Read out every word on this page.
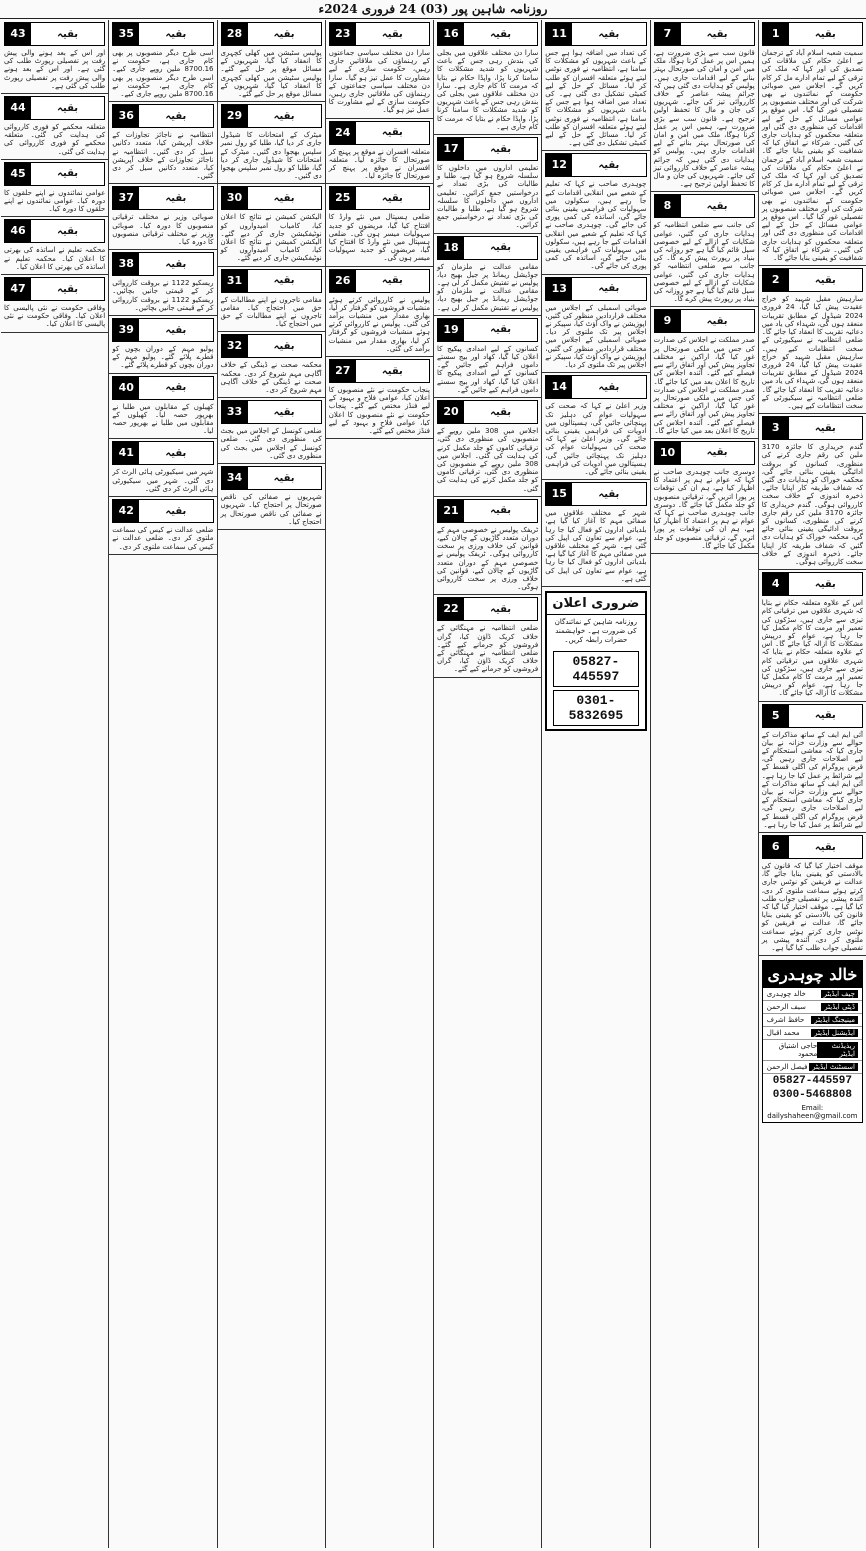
روزنامہ شاہین پور (03) 24 فروری 2024ء
بقیہ
1
سمیت شعبہ اسلام آباد کے ترجمان نے اعلیٰ حکام کی ملاقات کی تصدیق کی اور کہا کہ ملک کی ترقی کے لیے تمام ادارے مل کر کام کریں گے۔ اجلاس میں صوبائی حکومت کے نمائندوں نے بھی شرکت کی اور مختلف منصوبوں پر تفصیلی غور کیا گیا۔ اس موقع پر عوامی مسائل کے حل کے لیے اقدامات کی منظوری دی گئی اور متعلقہ محکموں کو ہدایات جاری کی گئیں۔ شرکاء نے اتفاق کیا کہ شفافیت کو یقینی بنایا جائے گا۔ سمیت شعبہ اسلام آباد کے ترجمان نے اعلیٰ حکام کی ملاقات کی تصدیق کی اور کہا کہ ملک کی ترقی کے لیے تمام ادارے مل کر کام کریں گے۔ اجلاس میں صوبائی حکومت کے نمائندوں نے بھی شرکت کی اور مختلف منصوبوں پر تفصیلی غور کیا گیا۔ اس موقع پر عوامی مسائل کے حل کے لیے اقدامات کی منظوری دی گئی اور متعلقہ محکموں کو ہدایات جاری کی گئیں۔ شرکاء نے اتفاق کیا کہ شفافیت کو یقینی بنایا جائے گا۔
بقیہ
2
سارہیش مقبل شہید کو خراج عقیدت پیش کیا گیا، 24 فروری 2024 شیڈول کے مطابق تقریبات منعقد ہوں گی، شہداء کی یاد میں دعائیہ تقریب کا انعقاد کیا جائے گا۔ ضلعی انتظامیہ نے سیکیورٹی کے سخت انتظامات کیے ہیں۔ سارہیش مقبل شہید کو خراج عقیدت پیش کیا گیا، 24 فروری 2024 شیڈول کے مطابق تقریبات منعقد ہوں گی، شہداء کی یاد میں دعائیہ تقریب کا انعقاد کیا جائے گا۔ ضلعی انتظامیہ نے سیکیورٹی کے سخت انتظامات کیے ہیں۔
بقیہ
3
گندم خریداری کا جائزہ 3170 ملین کی رقم جاری کرنے کی منظوری، کسانوں کو بروقت ادائیگی یقینی بنائی جائے گی، محکمہ خوراک کو ہدایات دی گئیں کہ شفاف طریقہ کار اپنایا جائے۔ ذخیرہ اندوزی کے خلاف سخت کارروائی ہوگی۔ گندم خریداری کا جائزہ 3170 ملین کی رقم جاری کرنے کی منظوری، کسانوں کو بروقت ادائیگی یقینی بنائی جائے گی، محکمہ خوراک کو ہدایات دی گئیں کہ شفاف طریقہ کار اپنایا جائے۔ ذخیرہ اندوزی کے خلاف سخت کارروائی ہوگی۔
بقیہ
4
اس کے علاوہ متعلقہ حکام نے بتایا کہ شہری علاقوں میں ترقیاتی کام تیزی سے جاری ہیں، سڑکوں کی تعمیر اور مرمت کا کام مکمل کیا جا رہا ہے، عوام کو درپیش مشکلات کا ازالہ کیا جائے گا۔ اس کے علاوہ متعلقہ حکام نے بتایا کہ شہری علاقوں میں ترقیاتی کام تیزی سے جاری ہیں، سڑکوں کی تعمیر اور مرمت کا کام مکمل کیا جا رہا ہے، عوام کو درپیش مشکلات کا ازالہ کیا جائے گا۔
بقیہ
5
آئی ایم ایف کے ساتھ مذاکرات کے حوالے سے وزارت خزانہ نے بیان جاری کیا کہ معاشی استحکام کے لیے اصلاحات جاری رہیں گی، قرض پروگرام کی اگلی قسط کے لیے شرائط پر عمل کیا جا رہا ہے۔ آئی ایم ایف کے ساتھ مذاکرات کے حوالے سے وزارت خزانہ نے بیان جاری کیا کہ معاشی استحکام کے لیے اصلاحات جاری رہیں گی، قرض پروگرام کی اگلی قسط کے لیے شرائط پر عمل کیا جا رہا ہے۔
بقیہ
6
موقف اختیار کیا گیا کہ قانون کی بالادستی کو یقینی بنایا جائے گا، عدالت نے فریقین کو نوٹس جاری کرتے ہوئے سماعت ملتوی کر دی، آئندہ پیشی پر تفصیلی جواب طلب کیا گیا ہے۔ موقف اختیار کیا گیا کہ قانون کی بالادستی کو یقینی بنایا جائے گا، عدالت نے فریقین کو نوٹس جاری کرتے ہوئے سماعت ملتوی کر دی، آئندہ پیشی پر تفصیلی جواب طلب کیا گیا ہے۔
خالد چوہدری
چیف ایڈیٹر
خالد چوہدری
ڈپٹی ایڈیٹر
سیف الرحمن
مینیجنگ ایڈیٹر
حافظ اشرف
ایڈیشنل ایڈیٹر
محمد اقبال
ریذیڈنٹ ایڈیٹر
حاجی اشتیاق محمود
اسسٹنٹ ایڈیٹر
فیصل الرحمن
05827-445597
0300-5468808
Email: dailyshaheen@gmail.com
بقیہ
7
قانون سب سے بڑی ضرورت ہے، ہمیں اس پر عمل کرنا ہوگا، ملک میں امن و امان کی صورتحال بہتر بنانے کے لیے اقدامات جاری ہیں۔ پولیس کو ہدایات دی گئی ہیں کہ جرائم پیشہ عناصر کے خلاف کارروائی تیز کی جائے۔ شہریوں کی جان و مال کا تحفظ اولین ترجیح ہے۔ قانون سب سے بڑی ضرورت ہے، ہمیں اس پر عمل کرنا ہوگا، ملک میں امن و امان کی صورتحال بہتر بنانے کے لیے اقدامات جاری ہیں۔ پولیس کو ہدایات دی گئی ہیں کہ جرائم پیشہ عناصر کے خلاف کارروائی تیز کی جائے۔ شہریوں کی جان و مال کا تحفظ اولین ترجیح ہے۔
بقیہ
8
کی جانب سے ضلعی انتظامیہ کو ہدایات جاری کی گئیں، عوامی شکایات کے ازالے کے لیے خصوصی سیل قائم کیا گیا ہے جو روزانہ کی بنیاد پر رپورٹ پیش کرے گا۔ کی جانب سے ضلعی انتظامیہ کو ہدایات جاری کی گئیں، عوامی شکایات کے ازالے کے لیے خصوصی سیل قائم کیا گیا ہے جو روزانہ کی بنیاد پر رپورٹ پیش کرے گا۔
بقیہ
9
صدر مملکت نے اجلاس کی صدارت کی جس میں ملکی صورتحال پر غور کیا گیا، اراکین نے مختلف تجاویز پیش کیں اور اتفاق رائے سے فیصلے کیے گئے۔ آئندہ اجلاس کی تاریخ کا اعلان بعد میں کیا جائے گا۔ صدر مملکت نے اجلاس کی صدارت کی جس میں ملکی صورتحال پر غور کیا گیا، اراکین نے مختلف تجاویز پیش کیں اور اتفاق رائے سے فیصلے کیے گئے۔ آئندہ اجلاس کی تاریخ کا اعلان بعد میں کیا جائے گا۔
بقیہ
10
دوسری جانب چوہدری صاحب نے کہا کہ عوام نے ہم پر اعتماد کا اظہار کیا ہے، ہم ان کی توقعات پر پورا اتریں گے، ترقیاتی منصوبوں کو جلد مکمل کیا جائے گا۔ دوسری جانب چوہدری صاحب نے کہا کہ عوام نے ہم پر اعتماد کا اظہار کیا ہے، ہم ان کی توقعات پر پورا اتریں گے، ترقیاتی منصوبوں کو جلد مکمل کیا جائے گا۔
بقیہ
11
کی تعداد میں اضافہ ہوا ہے جس کے باعث شہریوں کو مشکلات کا سامنا ہے، انتظامیہ نے فوری نوٹس لیتے ہوئے متعلقہ افسران کو طلب کر لیا۔ مسائل کے حل کے لیے کمیٹی تشکیل دی گئی ہے۔ کی تعداد میں اضافہ ہوا ہے جس کے باعث شہریوں کو مشکلات کا سامنا ہے، انتظامیہ نے فوری نوٹس لیتے ہوئے متعلقہ افسران کو طلب کر لیا۔ مسائل کے حل کے لیے کمیٹی تشکیل دی گئی ہے۔
بقیہ
12
چوہدری صاحب نے کہا کہ تعلیم کے شعبے میں انقلابی اقدامات کیے جا رہے ہیں، سکولوں میں سہولیات کی فراہمی یقینی بنائی جائے گی، اساتذہ کی کمی پوری کی جائے گی۔ چوہدری صاحب نے کہا کہ تعلیم کے شعبے میں انقلابی اقدامات کیے جا رہے ہیں، سکولوں میں سہولیات کی فراہمی یقینی بنائی جائے گی، اساتذہ کی کمی پوری کی جائے گی۔
بقیہ
13
صوبائی اسمبلی کے اجلاس میں مختلف قراردادیں منظور کی گئیں، اپوزیشن نے واک آؤٹ کیا، سپیکر نے اجلاس پیر تک ملتوی کر دیا۔ صوبائی اسمبلی کے اجلاس میں مختلف قراردادیں منظور کی گئیں، اپوزیشن نے واک آؤٹ کیا، سپیکر نے اجلاس پیر تک ملتوی کر دیا۔
بقیہ
14
وزیر اعلیٰ نے کہا کہ صحت کی سہولیات عوام کی دہلیز تک پہنچائی جائیں گی، ہسپتالوں میں ادویات کی فراہمی یقینی بنائی جائے گی۔ وزیر اعلیٰ نے کہا کہ صحت کی سہولیات عوام کی دہلیز تک پہنچائی جائیں گی، ہسپتالوں میں ادویات کی فراہمی یقینی بنائی جائے گی۔
بقیہ
15
شہر کے مختلف علاقوں میں صفائی مہم کا آغاز کیا گیا ہے، بلدیاتی اداروں کو فعال کیا جا رہا ہے، عوام سے تعاون کی اپیل کی گئی ہے۔ شہر کے مختلف علاقوں میں صفائی مہم کا آغاز کیا گیا ہے، بلدیاتی اداروں کو فعال کیا جا رہا ہے، عوام سے تعاون کی اپیل کی گئی ہے۔
ضروری اعلان
روزنامہ شاہین کے نمائندگان کی ضرورت ہے۔ خواہشمند حضرات رابطہ کریں۔
05827-445597
0301-5832695
بقیہ
16
سارا دن مختلف علاقوں میں بجلی کی بندش رہی جس کے باعث شہریوں کو شدید مشکلات کا سامنا کرنا پڑا، واپڈا حکام نے بتایا کہ مرمت کا کام جاری ہے۔ سارا دن مختلف علاقوں میں بجلی کی بندش رہی جس کے باعث شہریوں کو شدید مشکلات کا سامنا کرنا پڑا، واپڈا حکام نے بتایا کہ مرمت کا کام جاری ہے۔
بقیہ
17
تعلیمی اداروں میں داخلوں کا سلسلہ شروع ہو گیا ہے، طلبا و طالبات کی بڑی تعداد نے درخواستیں جمع کرائیں۔ تعلیمی اداروں میں داخلوں کا سلسلہ شروع ہو گیا ہے، طلبا و طالبات کی بڑی تعداد نے درخواستیں جمع کرائیں۔
بقیہ
18
مقامی عدالت نے ملزمان کو جوڈیشل ریمانڈ پر جیل بھیج دیا، پولیس نے تفتیش مکمل کر لی ہے۔ مقامی عدالت نے ملزمان کو جوڈیشل ریمانڈ پر جیل بھیج دیا، پولیس نے تفتیش مکمل کر لی ہے۔
بقیہ
19
کسانوں کے لیے امدادی پیکیج کا اعلان کیا گیا، کھاد اور بیج سستے داموں فراہم کیے جائیں گے۔ کسانوں کے لیے امدادی پیکیج کا اعلان کیا گیا، کھاد اور بیج سستے داموں فراہم کیے جائیں گے۔
بقیہ
20
اجلاس میں 308 ملین روپے کے منصوبوں کی منظوری دی گئی، ترقیاتی کاموں کو جلد مکمل کرنے کی ہدایت کی گئی۔ اجلاس میں 308 ملین روپے کے منصوبوں کی منظوری دی گئی، ترقیاتی کاموں کو جلد مکمل کرنے کی ہدایت کی گئی۔
بقیہ
21
ٹریفک پولیس نے خصوصی مہم کے دوران متعدد گاڑیوں کے چالان کیے، قوانین کی خلاف ورزی پر سخت کارروائی ہوگی۔ ٹریفک پولیس نے خصوصی مہم کے دوران متعدد گاڑیوں کے چالان کیے، قوانین کی خلاف ورزی پر سخت کارروائی ہوگی۔
بقیہ
22
ضلعی انتظامیہ نے مہنگائی کے خلاف کریک ڈاؤن کیا، گراں فروشوں کو جرمانے کیے گئے۔ ضلعی انتظامیہ نے مہنگائی کے خلاف کریک ڈاؤن کیا، گراں فروشوں کو جرمانے کیے گئے۔
بقیہ
23
سارا دن مختلف سیاسی جماعتوں کے رہنماؤں کی ملاقاتیں جاری رہیں، حکومت سازی کے لیے مشاورت کا عمل تیز ہو گیا۔ سارا دن مختلف سیاسی جماعتوں کے رہنماؤں کی ملاقاتیں جاری رہیں، حکومت سازی کے لیے مشاورت کا عمل تیز ہو گیا۔
بقیہ
24
متعلقہ افسران نے موقع پر پہنچ کر صورتحال کا جائزہ لیا۔ متعلقہ افسران نے موقع پر پہنچ کر صورتحال کا جائزہ لیا۔
بقیہ
25
ضلعی ہسپتال میں نئے وارڈ کا افتتاح کیا گیا، مریضوں کو جدید سہولیات میسر ہوں گی۔ ضلعی ہسپتال میں نئے وارڈ کا افتتاح کیا گیا، مریضوں کو جدید سہولیات میسر ہوں گی۔
بقیہ
26
پولیس نے کارروائی کرتے ہوئے منشیات فروشوں کو گرفتار کر لیا، بھاری مقدار میں منشیات برآمد کی گئی۔ پولیس نے کارروائی کرتے ہوئے منشیات فروشوں کو گرفتار کر لیا، بھاری مقدار میں منشیات برآمد کی گئی۔
بقیہ
27
پنجاب حکومت نے نئے منصوبوں کا اعلان کیا، عوامی فلاح و بہبود کے لیے فنڈز مختص کیے گئے۔ پنجاب حکومت نے نئے منصوبوں کا اعلان کیا، عوامی فلاح و بہبود کے لیے فنڈز مختص کیے گئے۔
بقیہ
28
پولیس سٹیشن میں کھلی کچہری کا انعقاد کیا گیا، شہریوں کے مسائل موقع پر حل کیے گئے۔ پولیس سٹیشن میں کھلی کچہری کا انعقاد کیا گیا، شہریوں کے مسائل موقع پر حل کیے گئے۔
بقیہ
29
میٹرک کے امتحانات کا شیڈول جاری کر دیا گیا، طلبا کو رول نمبر سلپس بھجوا دی گئیں۔ میٹرک کے امتحانات کا شیڈول جاری کر دیا گیا، طلبا کو رول نمبر سلپس بھجوا دی گئیں۔
بقیہ
30
الیکشن کمیشن نے نتائج کا اعلان کیا، کامیاب امیدواروں کو نوٹیفکیشن جاری کر دیے گئے۔ الیکشن کمیشن نے نتائج کا اعلان کیا، کامیاب امیدواروں کو نوٹیفکیشن جاری کر دیے گئے۔
بقیہ
31
مقامی تاجروں نے اپنے مطالبات کے حق میں احتجاج کیا۔ مقامی تاجروں نے اپنے مطالبات کے حق میں احتجاج کیا۔
بقیہ
32
محکمہ صحت نے ڈینگی کے خلاف آگاہی مہم شروع کر دی۔ محکمہ صحت نے ڈینگی کے خلاف آگاہی مہم شروع کر دی۔
بقیہ
33
ضلعی کونسل کے اجلاس میں بجٹ کی منظوری دی گئی۔ ضلعی کونسل کے اجلاس میں بجٹ کی منظوری دی گئی۔
بقیہ
34
شہریوں نے صفائی کی ناقص صورتحال پر احتجاج کیا۔ شہریوں نے صفائی کی ناقص صورتحال پر احتجاج کیا۔
بقیہ
35
اسی طرح دیگر منصوبوں پر بھی کام جاری ہے، حکومت نے 8700.16 ملین روپے جاری کیے۔ اسی طرح دیگر منصوبوں پر بھی کام جاری ہے، حکومت نے 8700.16 ملین روپے جاری کیے۔
بقیہ
36
انتظامیہ نے ناجائز تجاوزات کے خلاف آپریشن کیا، متعدد دکانیں سیل کر دی گئیں۔ انتظامیہ نے ناجائز تجاوزات کے خلاف آپریشن کیا، متعدد دکانیں سیل کر دی گئیں۔
بقیہ
37
صوبائی وزیر نے مختلف ترقیاتی منصوبوں کا دورہ کیا۔ صوبائی وزیر نے مختلف ترقیاتی منصوبوں کا دورہ کیا۔
بقیہ
38
ریسکیو 1122 نے بروقت کارروائی کر کے قیمتی جانیں بچائیں۔ ریسکیو 1122 نے بروقت کارروائی کر کے قیمتی جانیں بچائیں۔
بقیہ
39
پولیو مہم کے دوران بچوں کو قطرے پلائے گئے۔ پولیو مہم کے دوران بچوں کو قطرے پلائے گئے۔
بقیہ
40
کھیلوں کے مقابلوں میں طلبا نے بھرپور حصہ لیا۔ کھیلوں کے مقابلوں میں طلبا نے بھرپور حصہ لیا۔
بقیہ
41
شہر میں سیکیورٹی ہائی الرٹ کر دی گئی۔ شہر میں سیکیورٹی ہائی الرٹ کر دی گئی۔
بقیہ
42
ضلعی عدالت نے کیس کی سماعت ملتوی کر دی۔ ضلعی عدالت نے کیس کی سماعت ملتوی کر دی۔
بقیہ
43
اور اس کے بعد ہونے والی پیش رفت پر تفصیلی رپورٹ طلب کی گئی ہے۔ اور اس کے بعد ہونے والی پیش رفت پر تفصیلی رپورٹ طلب کی گئی ہے۔
بقیہ
44
متعلقہ محکمے کو فوری کارروائی کی ہدایت کی گئی۔ متعلقہ محکمے کو فوری کارروائی کی ہدایت کی گئی۔
بقیہ
45
عوامی نمائندوں نے اپنے حلقوں کا دورہ کیا۔ عوامی نمائندوں نے اپنے حلقوں کا دورہ کیا۔
بقیہ
46
محکمہ تعلیم نے اساتذہ کی بھرتی کا اعلان کیا۔ محکمہ تعلیم نے اساتذہ کی بھرتی کا اعلان کیا۔
بقیہ
47
وفاقی حکومت نے نئی پالیسی کا اعلان کیا۔ وفاقی حکومت نے نئی پالیسی کا اعلان کیا۔
